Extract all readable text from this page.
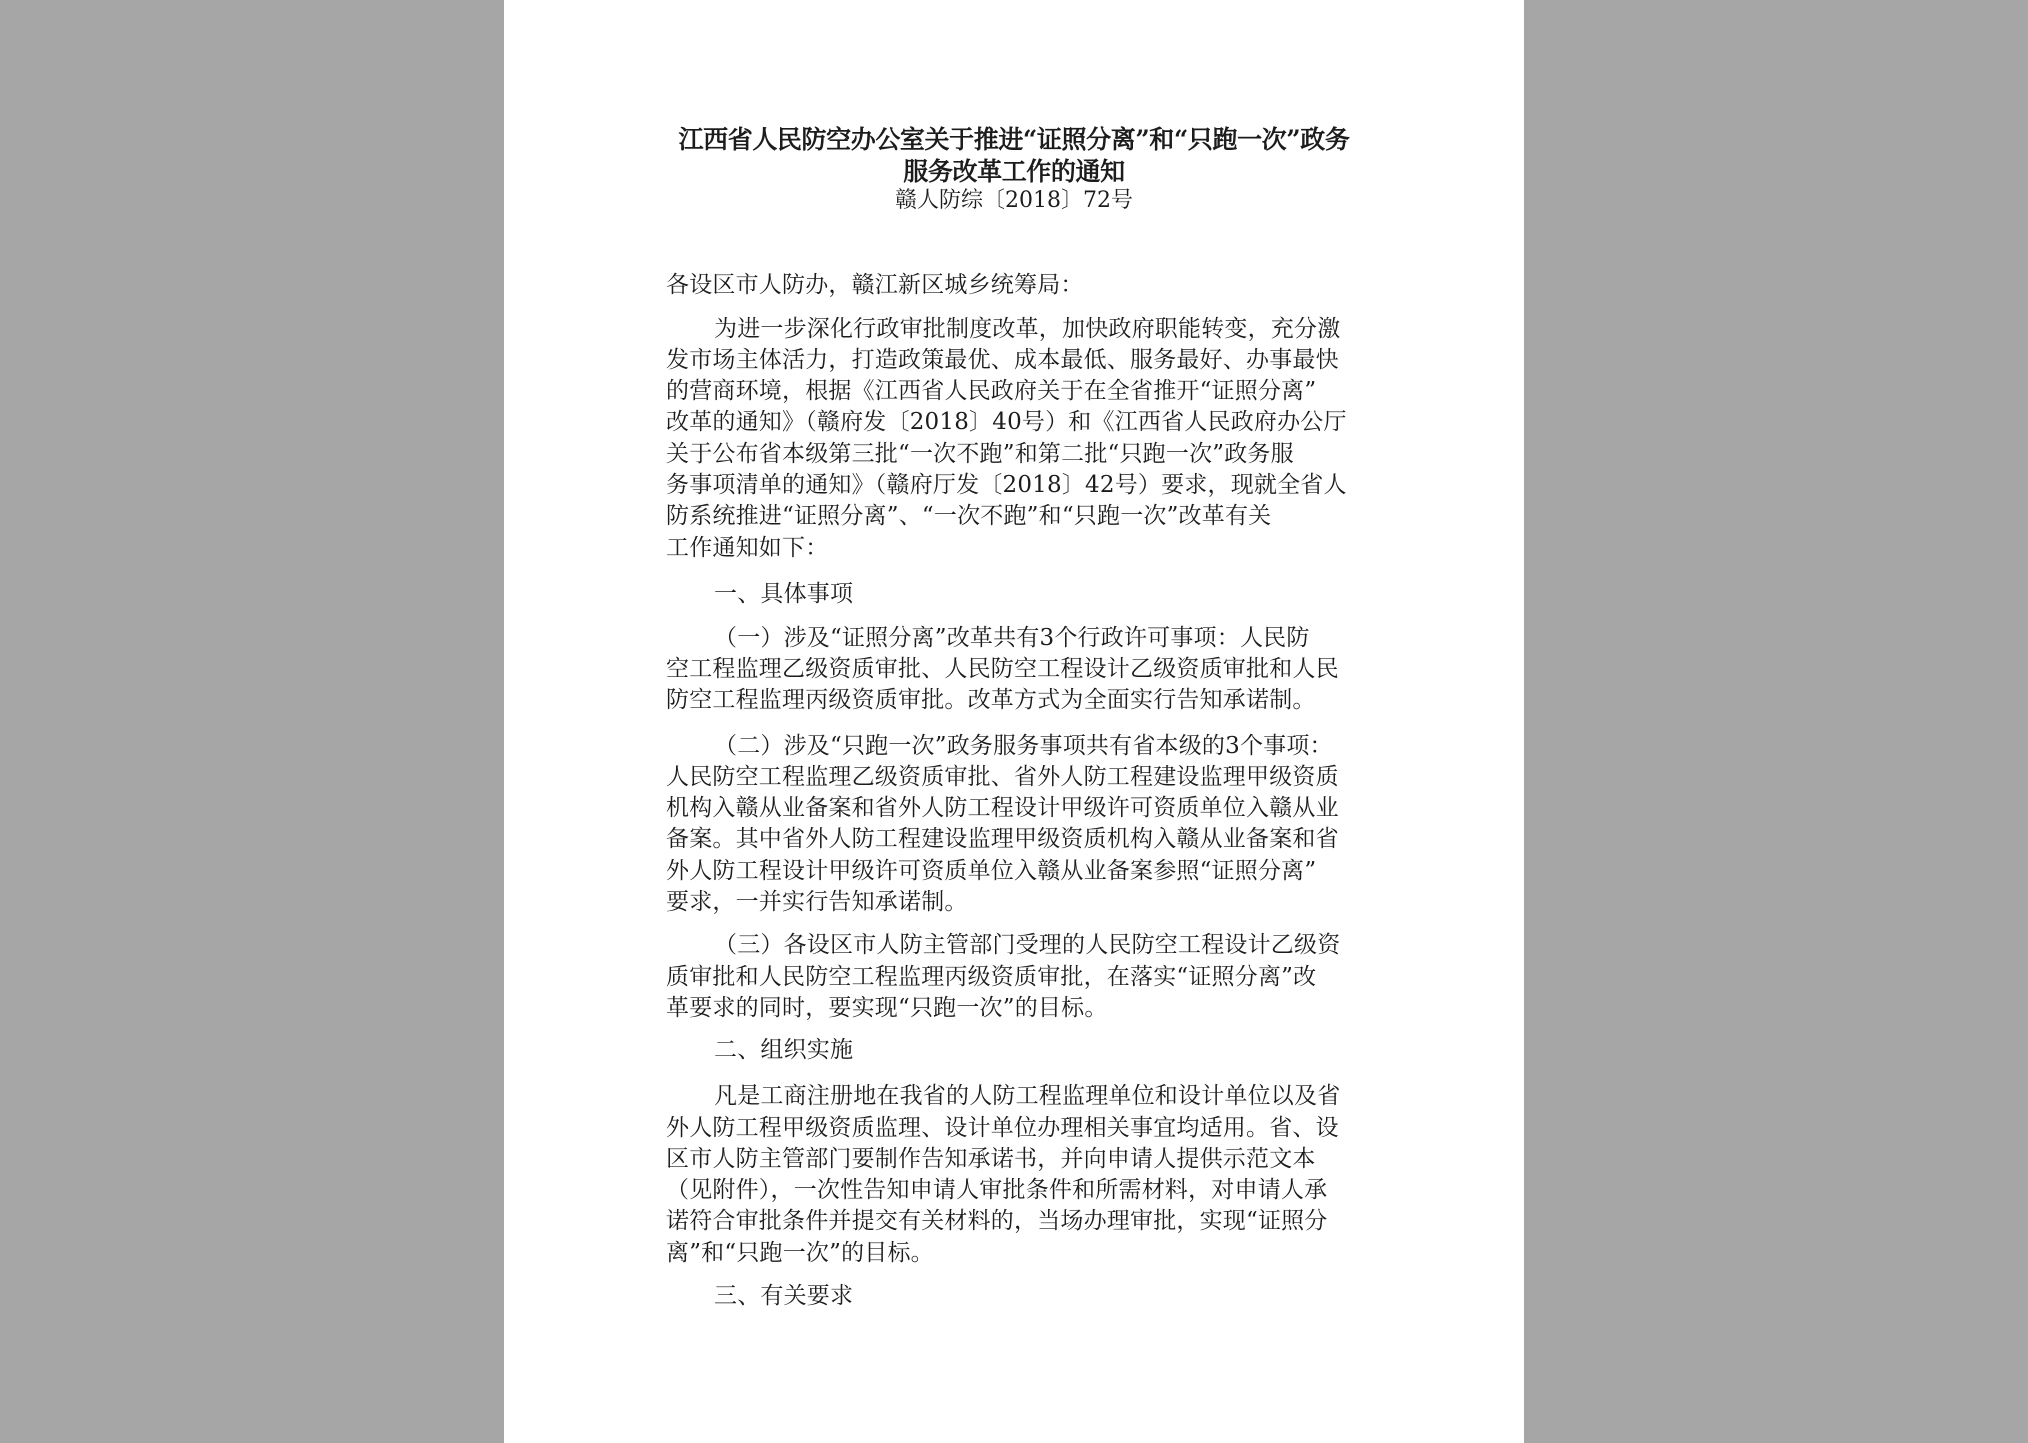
江西省人民防空办公室关于推进“证照分离”和“只跑一次”政务
服务改革工作的通知
赣人防综〔2018〕72号
各设区市人防办，赣江新区城乡统筹局：
为进一步深化行政审批制度改革，加快政府职能转变，充分激
发市场主体活力，打造政策最优、成本最低、服务最好、办事最快
的营商环境，根据《江西省人民政府关于在全省推开“证照分离”
改革的通知》（赣府发〔2018〕40号）和《江西省人民政府办公厅
关于公布省本级第三批“一次不跑”和第二批“只跑一次”政务服
务事项清单的通知》（赣府厅发〔2018〕42号）要求，现就全省人
防系统推进“证照分离”、“一次不跑”和“只跑一次”改革有关
工作通知如下：
一、具体事项
（一）涉及“证照分离”改革共有3个行政许可事项：人民防
空工程监理乙级资质审批、人民防空工程设计乙级资质审批和人民
防空工程监理丙级资质审批。改革方式为全面实行告知承诺制。
（二）涉及“只跑一次”政务服务事项共有省本级的3个事项：
人民防空工程监理乙级资质审批、省外人防工程建设监理甲级资质
机构入赣从业备案和省外人防工程设计甲级许可资质单位入赣从业
备案。其中省外人防工程建设监理甲级资质机构入赣从业备案和省
外人防工程设计甲级许可资质单位入赣从业备案参照“证照分离”
要求，一并实行告知承诺制。
（三）各设区市人防主管部门受理的人民防空工程设计乙级资
质审批和人民防空工程监理丙级资质审批，在落实“证照分离”改
革要求的同时，要实现“只跑一次”的目标。
二、组织实施
凡是工商注册地在我省的人防工程监理单位和设计单位以及省
外人防工程甲级资质监理、设计单位办理相关事宜均适用。省、设
区市人防主管部门要制作告知承诺书，并向申请人提供示范文本
（见附件），一次性告知申请人审批条件和所需材料，对申请人承
诺符合审批条件并提交有关材料的，当场办理审批，实现“证照分
离”和“只跑一次”的目标。
三、有关要求
